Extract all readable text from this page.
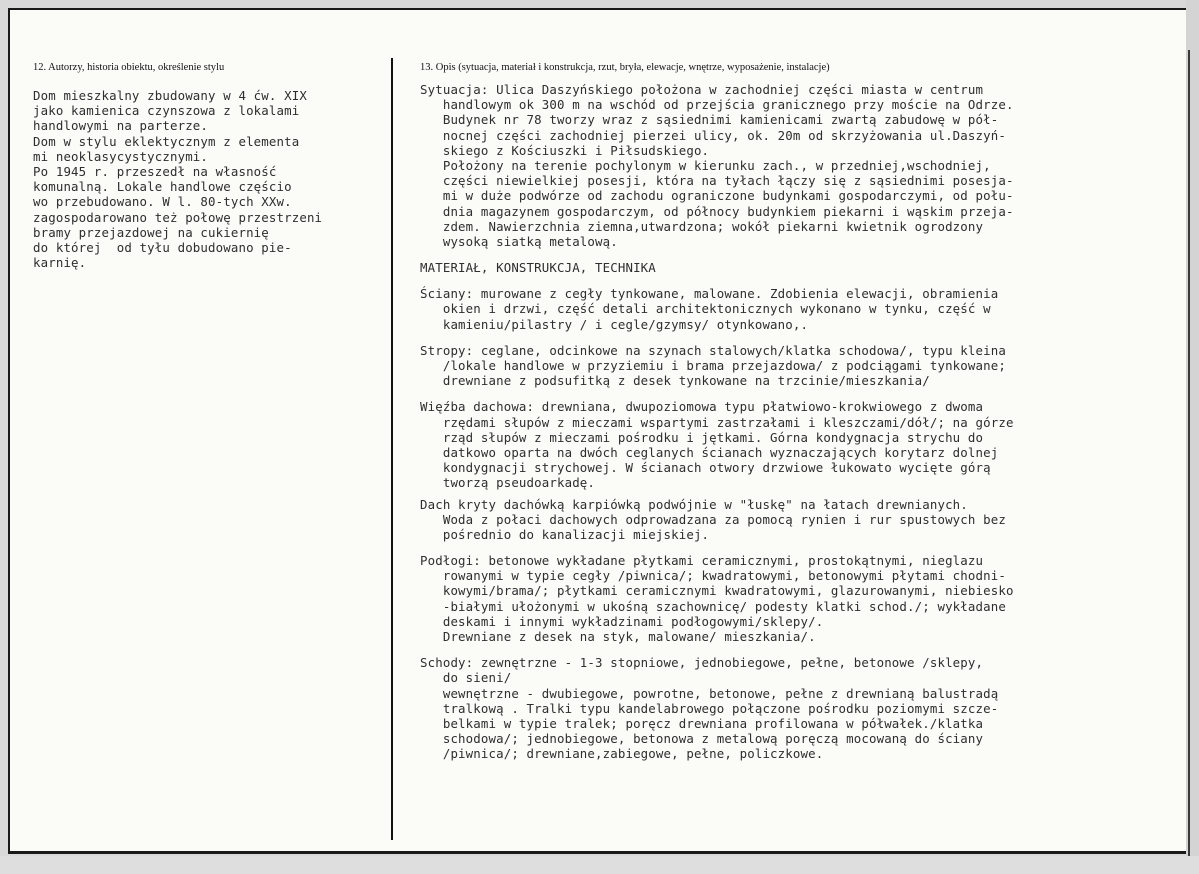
12. Autorzy, historia obiektu, określenie stylu	13. Opis (sytuacja, materiał i konstrukcja, rzut, bryła, elewacje, wnętrze, wyposażenie, instalacje)
Dom mieszkalny zbudowany w 4 ćw. XIX
jako kamienica czynszowa z lokalami
handlowymi na parterze.
Dom w stylu eklektycznym z elementa
mi neoklasycystycznymi.
Po 1945 r. przeszedł na własność
komunalną. Lokale handlowe częścio
wo przebudowano. W l. 80-tych XXw.
zagospodarowano też połowę przestrzeni
bramy przejazdowej na cukiernię
do której  od tyłu dobudowano pie-
karnię.
Sytuacja: Ulica Daszyńskiego położona w zachodniej części miasta w centrum
handlowym ok 300 m na wschód od przejścia granicznego przy moście na Odrze.
Budynek nr 78 tworzy wraz z sąsiednimi kamienicami zwartą zabudowę w pół-
nocnej części zachodniej pierzei ulicy, ok. 20m od skrzyżowania ul.Daszyń-
skiego z Kościuszki i Piłsudskiego.
Położony na terenie pochylonym w kierunku zach., w przedniej,wschodniej,
części niewielkiej posesji, która na tyłach łączy się z sąsiednimi posesja-
mi w duże podwórze od zachodu ograniczone budynkami gospodarczymi, od połu-
dnia magazynem gospodarczym, od północy budynkiem piekarni i wąskim przeja-
zdem. Nawierzchnia ziemna,utwardzona; wokół piekarni kwietnik ogrodzony
wysoką siatką metalową.
MATERIAŁ, KONSTRUKCJA, TECHNIKA
Ściany: murowane z cegły tynkowane, malowane. Zdobienia elewacji, obramienia
okien i drzwi, część detali architektonicznych wykonano w tynku, część w
kamieniu/pilastry / i cegle/gzymsy/ otynkowano,.
Stropy: ceglane, odcinkowe na szynach stalowych/klatka schodowa/, typu kleina
/lokale handlowe w przyziemiu i brama przejazdowa/ z podciągami tynkowane;
drewniane z podsufitką z desek tynkowane na trzcinie/mieszkania/
Więźba dachowa: drewniana, dwupoziomowa typu płatwiowo-krokwiowego z dwoma
rzędami słupów z mieczami wspartymi zastrzałami i kleszczami/dół/; na górze
rząd słupów z mieczami pośrodku i jętkami. Górna kondygnacja strychu do
datkowo oparta na dwóch ceglanych ścianach wyznaczających korytarz dolnej
kondygnacji strychowej. W ścianach otwory drzwiowe łukowato wycięte górą
tworzą pseudoarkadę.
Dach kryty dachówką karpiówką podwójnie w "łuskę" na łatach drewnianych.
Woda z połaci dachowych odprowadzana za pomocą rynien i rur spustowych bez
pośrednio do kanalizacji miejskiej.
Podłogi: betonowe wykładane płytkami ceramicznymi, prostokątnymi, nieglazu
rowanymi w typie cegły /piwnica/; kwadratowymi, betonowymi płytami chodni-
kowymi/brama/; płytkami ceramicznymi kwadratowymi, glazurowanymi, niebiesko
-białymi ułożonymi w ukośną szachownicę/ podesty klatki schod./; wykładane
deskami i innymi wykładzinami podłogowymi/sklepy/.
Drewniane z desek na styk, malowane/ mieszkania/.
Schody: zewnętrzne - 1-3 stopniowe, jednobiegowe, pełne, betonowe /sklepy,
do sieni/
wewnętrzne - dwubiegowe, powrotne, betonowe, pełne z drewnianą balustradą
tralkową . Tralki typu kandelabrowego połączone pośrodku poziomymi szcze-
belkami w typie tralek; poręcz drewniana profilowana w półwałek./klatka
schodowa/; jednobiegowe, betonowa z metalową poręczą mocowaną do ściany
/piwnica/; drewniane,zabiegowe, pełne, policzkowe.
